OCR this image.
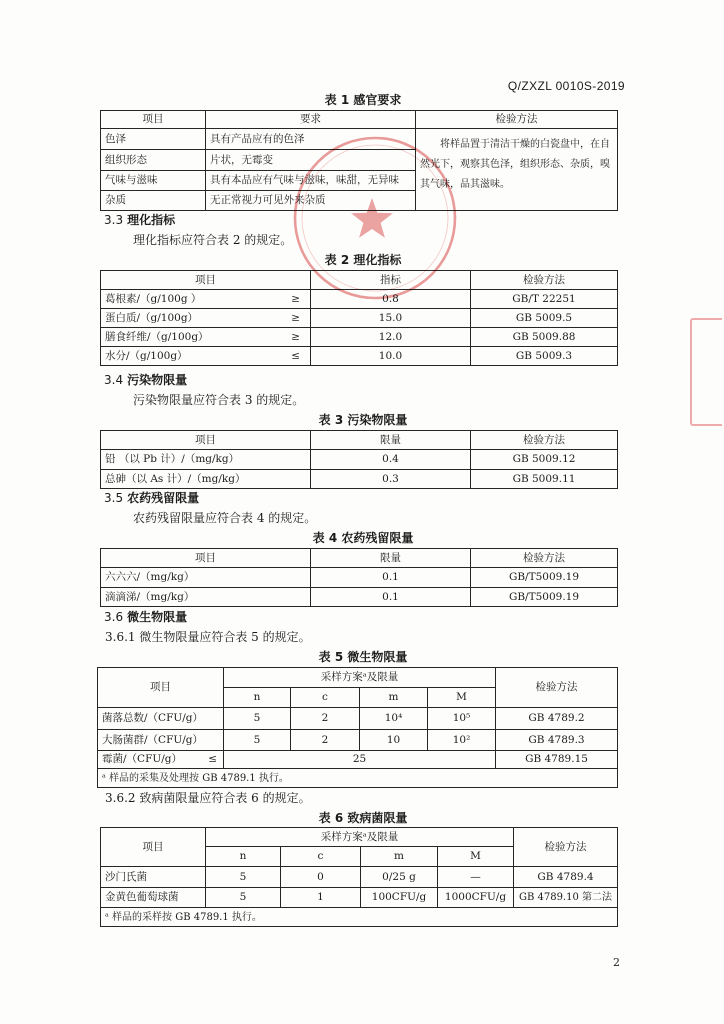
Q/ZXZL 0010S-2019
表 1 感官要求
项目	要求	检验方法
色泽	具有产品应有的色泽	将样品置于清洁干燥的白瓷盘中，在自然光下，观察其色泽，组织形态、杂质，嗅其气味，品其滋味。
组织形态	片状，无霉变	
气味与滋味	具有本品应有气味与滋味，味甜，无异味	
杂质	无正常视力可见外来杂质	
3.3 理化指标
理化指标应符合表 2 的规定。
表 2 理化指标
项目	指标	检验方法
葛根素/（g/100g ） ≥	0.8	GB/T 22251
蛋白质/（g/100g） ≥	15.0	GB 5009.5
膳食纤维/（g/100g） ≥	12.0	GB 5009.88
水分/（g/100g） ≤	10.0	GB 5009.3
3.4 污染物限量
污染物限量应符合表 3 的规定。
表 3 污染物限量
项目	限量	检验方法
铅 （以 Pb 计）/（mg/kg）	0.4	GB 5009.12
总砷（以 As 计）/（mg/kg）	0.3	GB 5009.11
3.5 农药残留限量
农药残留限量应符合表 4 的规定。
表 4 农药残留限量
项目	限量	检验方法
六六六/（mg/kg）	0.1	GB/T5009.19
滴滴涕/（mg/kg）	0.1	GB/T5009.19
3.6 微生物限量
3.6.1 微生物限量应符合表 5 的规定。
表 5 微生物限量
项目	采样方案ᵃ及限量				检验方法
	n	c	m	M	
菌落总数/（CFU/g）	5	2	10⁴	10⁵	GB 4789.2
大肠菌群/（CFU/g）	5	2	10	10²	GB 4789.3
霉菌/（CFU/g） ≤	25				GB 4789.15
ᵃ 样品的采集及处理按 GB 4789.1 执行。					
3.6.2 致病菌限量应符合表 6 的规定。
表 6 致病菌限量
项目	采样方案ᵃ及限量				检验方法
	n	c	m	M	
沙门氏菌	5	0	0/25 g	—	GB 4789.4
金黄色葡萄球菌	5	1	100CFU/g	1000CFU/g	GB 4789.10 第二法
ᵃ 样品的采样按 GB 4789.1 执行。					
2
